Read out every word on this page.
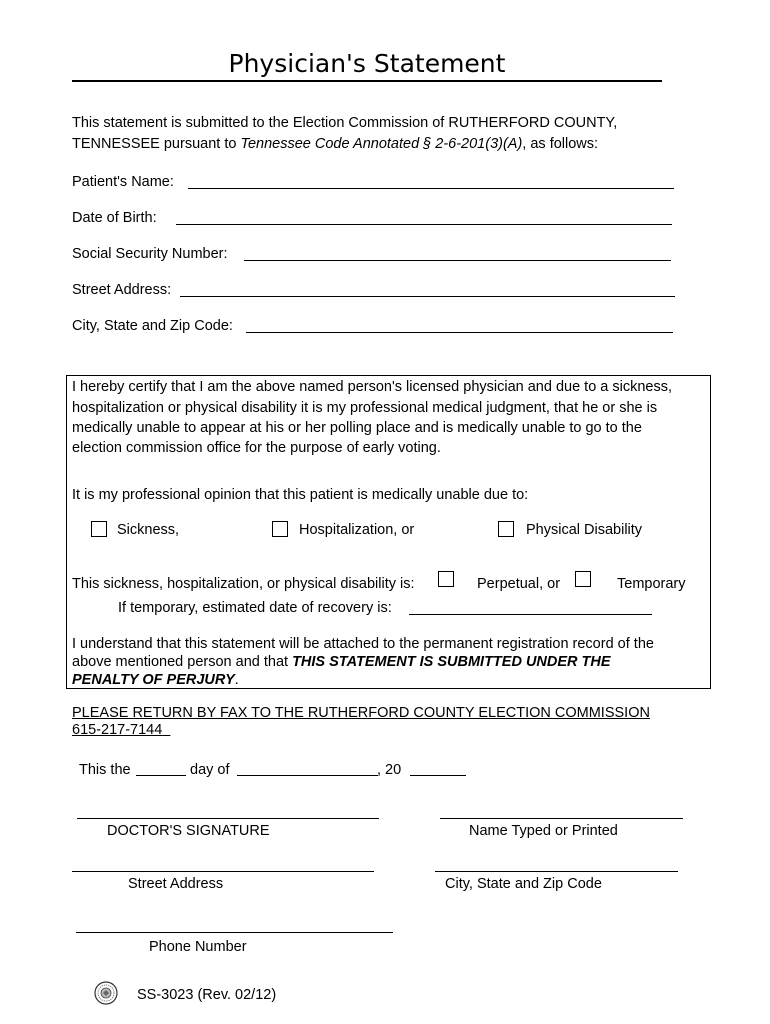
Physician's Statement
This statement is submitted to the Election Commission of RUTHERFORD COUNTY,
TENNESSEE pursuant to Tennessee Code Annotated § 2-6-201(3)(A), as follows:
Patient's Name:
Date of Birth:
Social Security Number:
Street Address:
City, State and Zip Code:
I hereby certify that I am the above named person's licensed physician and due to a sickness,
hospitalization or physical disability it is my professional medical judgment, that he or she is
medically unable to appear at his or her polling place and is medically unable to go to the
election commission office for the purpose of early voting.
It is my professional opinion that this patient is medically unable due to:
Sickness,	Hospitalization, or	Physical Disability
This sickness, hospitalization, or physical disability is:	Perpetual, or	Temporary
If temporary, estimated date of recovery is:
I understand that this statement will be attached to the permanent registration record of the
above mentioned person and that THIS STATEMENT IS SUBMITTED UNDER THE
PENALTY OF PERJURY.
PLEASE RETURN BY FAX TO THE RUTHERFORD COUNTY ELECTION COMMISSION
615-217-7144
This the	day of	, 20
DOCTOR'S SIGNATURE	Name Typed or Printed
Street Address	City, State and Zip Code
Phone Number
SS-3023 (Rev. 02/12)
